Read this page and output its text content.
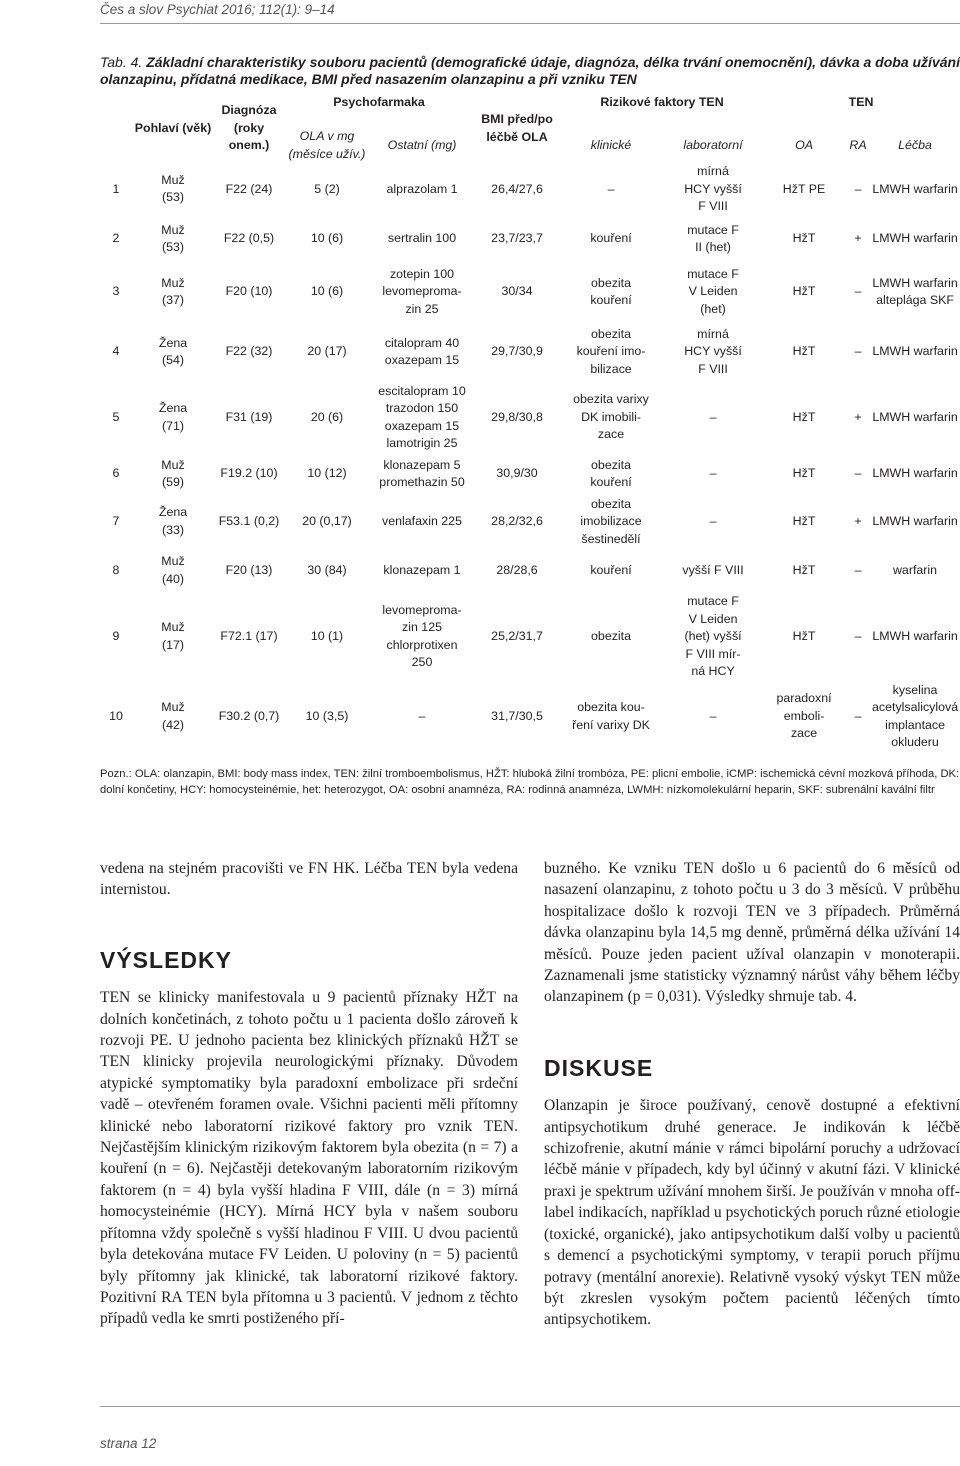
Čes a slov Psychiat 2016; 112(1): 9–14
Tab. 4. Základní charakteristiky souboru pacientů (demografické údaje, diagnóza, délka trvání onemocnění), dávka a doba užívání olanzapinu, přídatná medikace, BMI před nasazením olanzapinu a při vzniku TEN
	Pohlaví (věk)	Diagnóza (roky onem.)	Psychofarmaka		BMI před/po léčbě OLA	Rizikové faktory TEN		TEN		
			OLA v mg (měsíce užív.)	Ostatní (mg)		klinické	laboratorní	OA	RA	Léčba
1	Muž
(53)	F22 (24)	5 (2)	alprazolam 1	26,4/27,6	–	mírná
HCY vyšší
F VIII	HžT PE	–	LMWH warfarin
2	Muž
(53)	F22 (0,5)	10 (6)	sertralin 100	23,7/23,7	kouření	mutace F
II (het)	HžT	+	LMWH warfarin
3	Muž
(37)	F20 (10)	10 (6)	zotepin 100
levomeproma-
zin 25	30/34	obezita
kouření	mutace F
V Leiden
(het)	HžT	–	LMWH warfarin
alteplága SKF
4	Žena
(54)	F22 (32)	20 (17)	citalopram 40
oxazepam 15	29,7/30,9	obezita
kouření imo-
bilizace	mírná
HCY vyšší
F VIII	HžT	–	LMWH warfarin
5	Žena
(71)	F31 (19)	20 (6)	escitalopram 10
trazodon 150
oxazepam 15
lamotrigin 25	29,8/30,8	obezita varixy
DK imobili-
zace	–	HžT	+	LMWH warfarin
6	Muž
(59)	F19.2 (10)	10 (12)	klonazepam 5
promethazin 50	30,9/30	obezita
kouření	–	HžT	–	LMWH warfarin
7	Žena
(33)	F53.1 (0,2)	20 (0,17)	venlafaxin 225	28,2/32,6	obezita
imobilizace
šestinedělí	–	HžT	+	LMWH warfarin
8	Muž
(40)	F20 (13)	30 (84)	klonazepam 1	28/28,6	kouření	vyšší F VIII	HžT	–	warfarin
9	Muž
(17)	F72.1 (17)	10 (1)	levomeproma-
zin 125
chlorprotixen
250	25,2/31,7	obezita	mutace F
V Leiden
(het) vyšší
F VIII mír-
ná HCY	HžT	–	LMWH warfarin
10	Muž
(42)	F30.2 (0,7)	10 (3,5)	–	31,7/30,5	obezita kou-
ření varixy DK	–	paradoxní
emboli-
zace	–	kyselina
acetylsalicylová
implantace okluderu
Pozn.: OLA: olanzapin, BMI: body mass index, TEN: žilní tromboembolismus, HŽT: hluboká žilní trombóza, PE: plicní embolie, iCMP: ischemická cévní mozková příhoda, DK: dolní končetiny, HCY: homocysteinémie, het: heterozygot, OA: osobní anamnéza, RA: rodinná anamnéza, LWMH: nízkomolekulární heparin, SKF: subrenální kavální filtr

vedena na stejném pracovišti ve FN HK. Léčba TEN byla vedena internistou.

VÝSLEDKY

TEN se klinicky manifestovala u 9 pacientů příznaky HŽT na dolních končetinách, z tohoto počtu u 1 pacienta došlo zároveň k rozvoji PE. U jednoho pacienta bez klinických příznaků HŽT se TEN klinicky projevila neurologickými příznaky. Důvodem atypické symptomatiky byla paradoxní embolizace při srdeční vadě – otevřeném foramen ovale. Všichni pacienti měli přítomny klinické nebo laboratorní rizikové faktory pro vznik TEN. Nejčastějším klinickým rizikovým faktorem byla obezita (n = 7) a kouření (n = 6). Nejčastěji detekovaným laboratorním rizikovým faktorem (n = 4) byla vyšší hladina F VIII, dále (n = 3) mírná homocysteinémie (HCY). Mírná HCY byla v našem souboru přítomna vždy společně s vyšší hladinou F VIII. U dvou pacientů byla detekována mutace FV Leiden. U poloviny (n = 5) pacientů byly přítomny jak klinické, tak laboratorní rizikové faktory. Pozitivní RA TEN byla přítomna u 3 pacientů. V jednom z těchto případů vedla ke smrti postiženého pří-

buzného. Ke vzniku TEN došlo u 6 pacientů do 6 měsíců od nasazení olanzapinu, z tohoto počtu u 3 do 3 měsíců. V průběhu hospitalizace došlo k rozvoji TEN ve 3 případech. Průměrná dávka olanzapinu byla 14,5 mg denně, průměrná délka užívání 14 měsíců. Pouze jeden pacient užíval olanzapin v monoterapii. Zaznamenali jsme statisticky významný nárůst váhy během léčby olanzapinem (p = 0,031). Výsledky shrnuje tab. 4.

DISKUSE

Olanzapin je široce používaný, cenově dostupné a efektivní antipsychotikum druhé generace. Je indikován k léčbě schizofrenie, akutní mánie v rámci bipolární poruchy a udržovací léčbě mánie v případech, kdy byl účinný v akutní fázi. V klinické praxi je spektrum užívání mnohem širší. Je používán v mnoha off-label indikacích, například u psychotických poruch různé etiologie (toxické, organické), jako antipsychotikum další volby u pacientů s demencí a psychotickými symptomy, v terapii poruch příjmu potravy (mentální anorexie). Relativně vysoký výskyt TEN může být zkreslen vysokým počtem pacientů léčených tímto antipsychotikem.

strana 12
